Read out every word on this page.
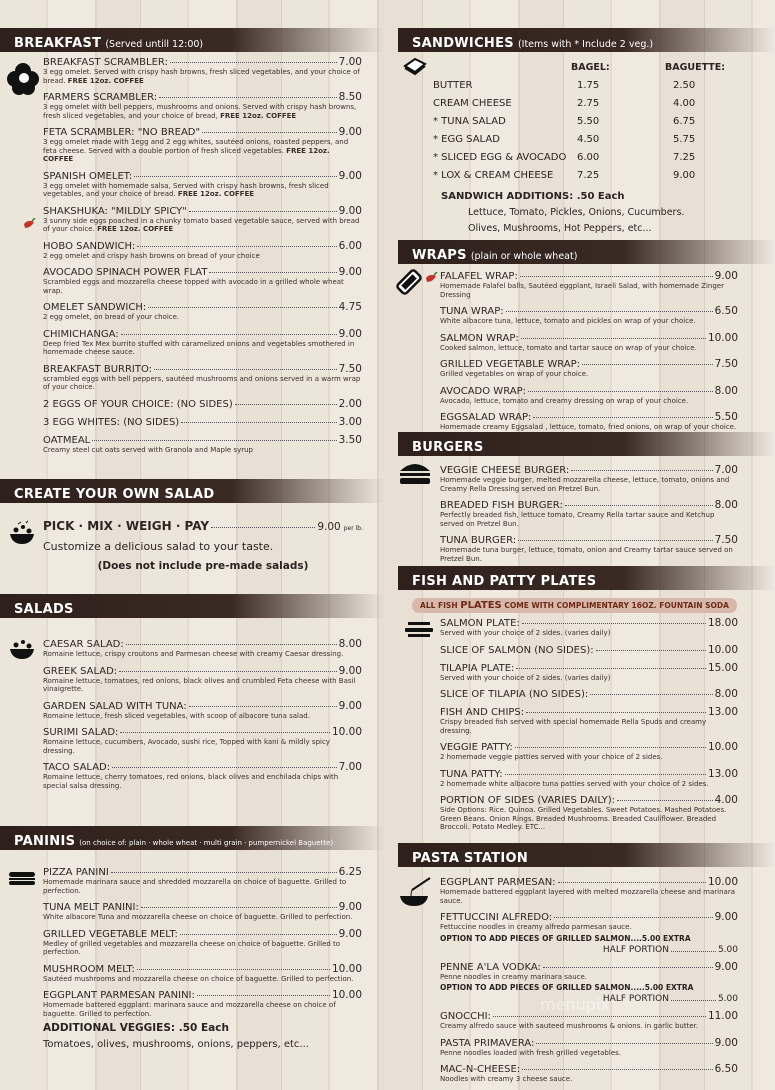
BREAKFAST (Served untill 12:00)
BREAKFAST SCRAMBLER:	7.00
3 egg omelet. Served with crispy hash browns, fresh sliced vegetables, and your choice of bread. FREE 12oz. COFFEE
FARMERS SCRAMBLER:	8.50
3 egg omelet with bell peppers, mushrooms and onions. Served with crispy hash browns, fresh sliced vegetables, and your choice of bread, FREE 12oz. COFFEE
FETA SCRAMBLER: "NO BREAD"	9.00
3 egg omelet made with 1egg and 2 egg whites, sautéed onions, roasted peppers, and feta cheese. Served with a double portion of fresh sliced vegetables. FREE 12oz. COFFEE
SPANISH OMELET:	9.00
3 egg omelet with homemade salsa, Served with crispy hash browns, fresh sliced vegetables, and your choice of bread. FREE 12oz. COFFEE
SHAKSHUKA: "MILDLY SPICY"	9.00
3 sunny side eggs poached in a chunky tomato based vegetable sauce, served with bread of your choice. FREE 12oz. COFFEE
HOBO SANDWICH:	6.00
2 egg omelet and crispy hash browns on bread of your choice
AVOCADO SPINACH POWER FLAT	9.00
Scrambled eggs and mozzarella cheese topped with avocado in a grilled whole wheat wrap.
OMELET SANDWICH:	4.75
2 egg omelet, on bread of your choice.
CHIMICHANGA:	9.00
Deep fried Tex Mex burrito stuffed with caramelized onions and vegetables smothered in homemade cheese sauce.
BREAKFAST BURRITO:	7.50
scrambled eggs with bell peppers, sautéed mushrooms and onions served in a warm wrap of your choice.
2 EGGS OF YOUR CHOICE: (NO SIDES)	2.00
3 EGG WHITES: (NO SIDES)	3.00
OATMEAL	3.50
Creamy steel cut oats served with Granola and Maple syrup
CREATE YOUR OWN SALAD
PICK · MIX · WEIGH · PAY	9.00 per lb.
Customize a delicious salad to your taste.
(Does not include pre-made salads)
SALADS
CAESAR SALAD:	8.00
Romaine lettuce, crispy croutons and Parmesan cheese with creamy Caesar dressing.
GREEK SALAD:	9.00
Romaine lettuce, tomatoes, red onions, black olives and crumbled Feta cheese with Basil vinaigrette.
GARDEN SALAD WITH TUNA:	9.00
Romaine lettuce, fresh sliced vegetables, with scoop of albacore tuna salad.
SURIMI SALAD:	10.00
Romaine lettuce, cucumbers, Avocado, sushi rice, Topped with kani & mildly spicy dressing.
TACO SALAD:	7.00
Romaine lettuce, cherry tomatoes, red onions, black olives and enchilada chips with special salsa dressing.
PANINIS (on choice of: plain · whole wheat · multi grain · pumpernickel Baguette)
PIZZA PANINI	6.25
Homemade marinara sauce and shredded mozzarella on choice of baguette. Grilled to perfection.
TUNA MELT PANINI:	9.00
White albacore Tuna and mozzarella cheese on choice of baguette. Grilled to perfection.
GRILLED VEGETABLE MELT:	9.00
Medley of grilled vegetables and mozzarella cheese on choice of baguette. Grilled to perfection.
MUSHROOM MELT:	10.00
Sautéed mushrooms and mozzarella cheese on choice of baguette. Grilled to perfection.
EGGPLANT PARMESAN PANINI:	10.00
Homemade battered eggplant: marinara sauce and mozzarella cheese on choice of baguette. Grilled to perfection.
ADDITIONAL VEGGIES: .50 Each
Tomatoes, olives, mushrooms, onions, peppers, etc...
SANDWICHES (Items with * Include 2 veg.)
BAGEL:	BAGUETTE:
BUTTER	1.75	2.50
CREAM CHEESE	2.75	4.00
* TUNA SALAD	5.50	6.75
* EGG SALAD	4.50	5.75
* SLICED EGG & AVOCADO 6.00	7.25
* LOX & CREAM CHEESE 7.25	9.00
SANDWICH ADDITIONS: .50 Each
Lettuce, Tomato, Pickles, Onions, Cucumbers.
Olives, Mushrooms, Hot Peppers, etc...
WRAPS (plain or whole wheat)
FALAFEL WRAP:	9.00
Homemade Falafel balls, Sautéed eggplant, Israeli Salad, with homemade Zinger Dressing
TUNA WRAP:	6.50
White albacore tuna, lettuce, tomato and pickles on wrap of your choice.
SALMON WRAP:	10.00
Cooked salmon, lettuce, tomato and tartar sauce on wrap of your choice.
GRILLED VEGETABLE WRAP:	7.50
Grilled vegetables on wrap of your choice.
AVOCADO WRAP:	8.00
Avocado, lettuce, tomato and creamy dressing on wrap of your choice.
EGGSALAD WRAP:	5.50
Homemade creamy Eggsalad , lettuce, tomato, fried onions, on wrap of your choice.
BURGERS
VEGGIE CHEESE BURGER:	7.00
Homemade veggie burger, melted mozzarella cheese, lettuce, tomato, onions and Creamy Rella Dressing served on Pretzel Bun.
BREADED FISH BURGER:	8.00
Perfectly breaded fish, lettuce tomato, Creamy Rella tartar sauce and Ketchup served on Pretzel Bun.
TUNA BURGER:	7.50
Homemade tuna burger, lettuce, tomato, onion and Creamy tartar sauce served on Pretzel Bun.
FISH AND PATTY PLATES
ALL FISH PLATES COME WITH COMPLIMENTARY 16OZ. FOUNTAIN SODA
SALMON PLATE:	18.00
Served with your choice of 2 sides. (varies daily)
SLICE OF SALMON (NO SIDES):	10.00
TILAPIA PLATE:	15.00
Served with your choice of 2 sides. (varies daily)
SLICE OF TILAPIA (NO SIDES):	8.00
FISH AND CHIPS:	13.00
Crispy breaded fish served with special homemade Rella Spuds and creamy dressing.
VEGGIE PATTY:	10.00
2 homemade veggie patties served with your choice of 2 sides.
TUNA PATTY:	13.00
2 homemade white albacore tuna patties served with your choice of 2 sides.
PORTION OF SIDES (VARIES DAILY):	4.00
Side Options: Rice. Quinoa. Grilled Vegetables. Sweet Potatoes. Mashed Potatoes. Green Beans. Onion Rings. Breaded Mushrooms. Breaded Cauliflower. Breaded Broccoli. Potato Medley. ETC...
PASTA STATION
EGGPLANT PARMESAN:	10.00
Homemade battered eggplant layered with melted mozzarella cheese and marinara sauce.
FETTUCCINI ALFREDO:	9.00
Fettuccine noodles in creamy alfredo parmesan sauce.
OPTION TO ADD PIECES OF GRILLED SALMON....5.00 EXTRA
HALF PORTION	5.00
PENNE A'LA VODKA:	9.00
Penne noodles in creamy marinara sauce.
OPTION TO ADD PIECES OF GRILLED SALMON.....5.00 EXTRA
HALF PORTION	5.00
GNOCCHI:	11.00
Creamy alfredo sauce with sauteed mushrooms & onions. in garlic butter.
PASTA PRIMAVERA:	9.00
Penne noodles loaded with fresh grilled vegetables.
MAC-N-CHEESE:	6.50
Noodles with creamy 3 cheese sauce.
menupix
